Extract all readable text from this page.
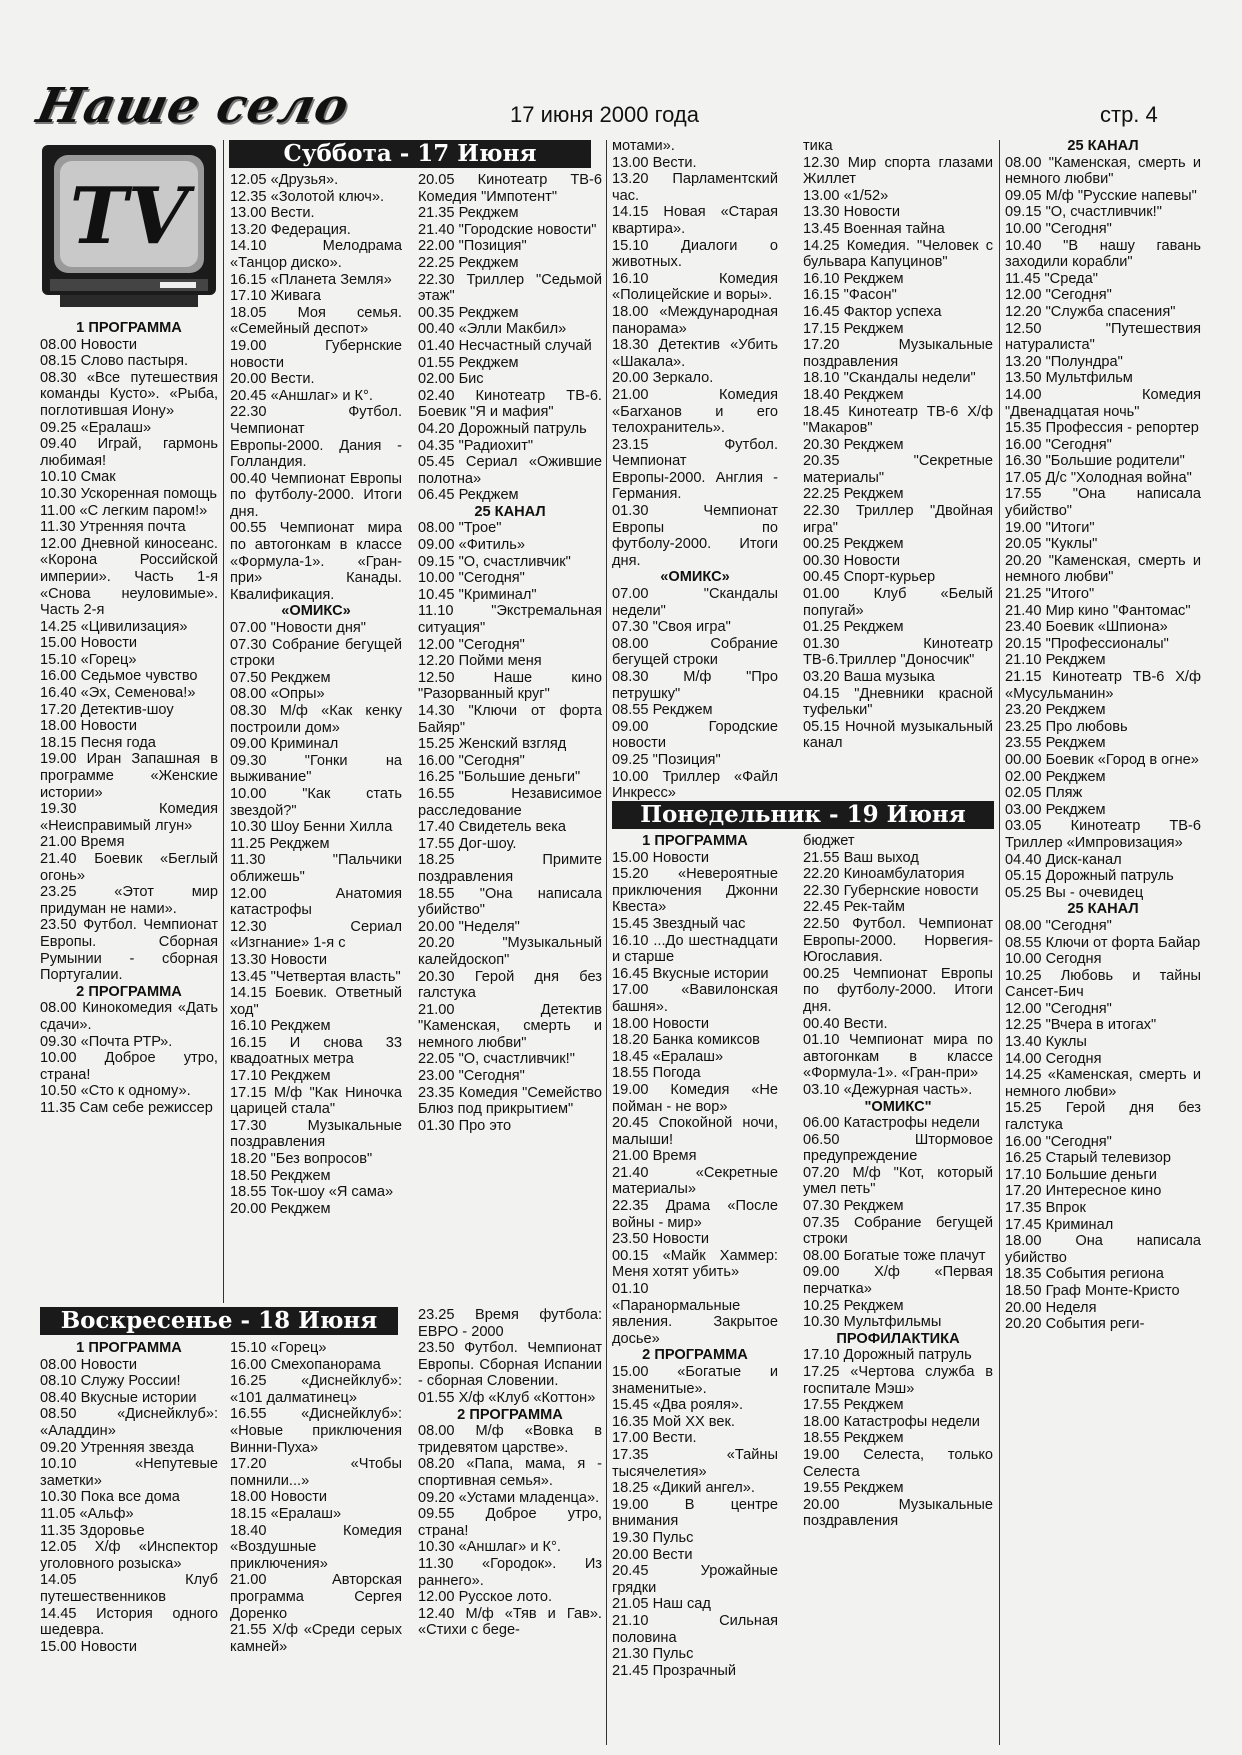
Наше село	17 июня 2000 года	стр. 4
TV
Суббота - 17 Июня
Воскресенье - 18 Июня
Понедельник - 19 Июня
1 ПРОГРАММА
08.00 Новости
08.15 Слово пастыря.
08.30 «Все путешествия команды Кусто». «Рыба, поглотившая Иону»
09.25 «Ералаш»
09.40 Играй, гармонь любимая!
10.10 Смак
10.30 Ускоренная помощь
11.00 «С легким паром!»
11.30 Утренняя почта
12.00 Дневной киносеанс. «Корона Российской империи». Часть 1-я «Снова неуловимые». Часть 2-я
14.25 «Цивилизация»
15.00 Новости
15.10 «Горец»
16.00 Седьмое чувство
16.40 «Эх, Семенова!»
17.20 Детектив-шоу
18.00 Новости
18.15 Песня года
19.00 Иран Запашная в программе «Женские истории»
19.30 Комедия «Неисправимый лгун»
21.00 Время
21.40 Боевик «Беглый огонь»
23.25 «Этот мир придуман не нами».
23.50 Футбол. Чемпионат Европы. Сборная Румынии - сборная Португалии.
2 ПРОГРАММА
08.00 Кинокомедия «Дать сдачи».
09.30 «Почта РТР».
10.00 Доброе утро, страна!
10.50 «Сто к одному».
11.35 Сам себе режиссер
12.05 «Друзья».
12.35 «Золотой ключ».
13.00 Вести.
13.20 Федерация.
14.10 Мелодрама «Танцор диско».
16.15 «Планета Земля»
17.10 Живага
18.05 Моя семья. «Семейный деспот»
19.00 Губернские новости
20.00 Вести.
20.45 «Аншлаг» и К°.
22.30 Футбол. Чемпионат Европы-2000. Дания - Голландия.
00.40 Чемпионат Европы по футболу-2000. Итоги дня.
00.55 Чемпионат мира по автогонкам в классе «Формула-1». «Гран-при» Канады. Квалификация.
«ОМИКС»
07.00 "Новости дня"
07.30 Собрание бегущей строки
07.50 Рекджем
08.00 «Опры»
08.30 М/ф «Как кенку построили дом»
09.00 Криминал
09.30 "Гонки на выживание"
10.00 "Как стать звездой?"
10.30 Шоу Бенни Хилла
11.25 Рекджем
11.30 "Пальчики оближешь"
12.00 Анатомия катастрофы
12.30 Сериал «Изгнание» 1-я с
13.30 Новости
13.45 "Четвертая власть"
14.15 Боевик. Ответный ход"
16.10 Рекджем
16.15 И снова 33 квадоатных метра
17.10 Рекджем
17.15 М/ф "Как Ниночка царицей стала"
17.30 Музыкальные поздравления
18.20 "Без вопросов"
18.50 Рекджем
18.55 Ток-шоу «Я сама»
20.00 Рекджем
20.05 Кинотеатр ТВ-6 Комедия "Импотент"
21.35 Рекджем
21.40 "Городские новости"
22.00 "Позиция"
22.25 Рекджем
22.30 Триллер "Седьмой этаж"
00.35 Рекджем
00.40 «Элли Макбил»
01.40 Несчастный случай
01.55 Рекджем
02.00 Бис
02.40 Кинотеатр ТВ-6. Боевик "Я и мафия"
04.20 Дорожный патруль
04.35 "Радиохит"
05.45 Сериал «Ожившие полотна»
06.45 Рекджем
25 КАНАЛ
08.00 "Трое"
09.00 «Фитиль»
09.15 "О, счастливчик"
10.00 "Сегодня"
10.45 "Криминал"
11.10 "Экстремальная ситуация"
12.00 "Сегодня"
12.20 Пойми меня
12.50 Наше кино "Разорванный круг"
14.30 "Ключи от форта Байяр"
15.25 Женский взгляд
16.00 "Сегодня"
16.25 "Большие деньги"
16.55 Независимое расследование
17.40 Свидетель века
17.55 Дог-шоу.
18.25 Примите поздравления
18.55 "Она написала убийство"
20.00 "Неделя"
20.20 "Музыкальный калейдоскоп"
20.30 Герой дня без галстука
21.00 Детектив "Каменская, смерть и немного любви"
22.05 "О, счастливчик!"
23.00 "Сегодня"
23.35 Комедия "Семейство Блюз под прикрытием"
01.30 Про это
мотами».
13.00 Вести.
13.20 Парламентский час.
14.15 Новая «Старая квартира».
15.10 Диалоги о животных.
16.10 Комедия «Полицейские и воры».
18.00 «Международная панорама»
18.30 Детектив «Убить «Шакала».
20.00 Зеркало.
21.00 Комедия «Бarханов и его телохранитель».
23.15 Футбол. Чемпионат Европы-2000. Англия - Германия.
01.30 Чемпионат Европы по футболу-2000. Итоги дня.
«ОМИКС»
07.00 "Скандалы недели"
07.30 "Своя игра"
08.00 Собрание бегущей строки
08.30 М/ф "Про петрушку"
08.55 Рекджем
09.00 Городские новости
09.25 "Позиция"
10.00 Триллер «Файл Инкресс»
тика
12.30 Мир спорта глазами Жиллет
13.00 «1/52»
13.30 Новости
13.45 Военная тайна
14.25 Комедия. "Человек с бульвара Капуцинов"
16.10 Рекджем
16.15 "Фасон"
16.45 Фактор успеха
17.15 Рекджем
17.20 Музыкальные поздравления
18.10 "Скандалы недели"
18.40 Рекджем
18.45 Кинотеатр ТВ-6 Х/ф "Макаров"
20.30 Рекджем
20.35 "Секретные материалы"
22.25 Рекджем
22.30 Триллер "Двойная игра"
00.25 Рекджем
00.30 Новости
00.45 Спорт-курьер
01.00 Клуб «Белый попугай»
01.25 Рекджем
01.30 Кинотеатр ТВ-6.Триллер "Доносчик"
03.20 Ваша музыка
04.15 "Дневники красной туфельки"
05.15 Ночной музыкальный канал
25 КАНАЛ
08.00 "Каменская, смерть и немного любви"
09.05 М/ф "Русские напевы"
09.15 "О, счастливчик!"
10.00 "Сегодня"
10.40 "В нашу гавань заходили корабли"
11.45 "Среда"
12.00 "Сегодня"
12.20 "Служба спасения"
12.50 "Путешествия натуралиста"
13.20 "Полундра"
13.50 Мультфильм
14.00 Комедия "Двенадцатая ночь"
15.35 Профессия - репортер
16.00 "Сегодня"
16.30 "Большие родители"
17.05 Д/с "Холодная война"
17.55 "Она написала убийство"
19.00 "Итоги"
20.05 "Куклы"
20.20 "Каменская, смерть и немного любви"
21.25 "Итого"
21.40 Мир кино "Фантомас"
23.40 Боевик «Шпиона»
20.15 "Профессионалы"
21.10 Рекджем
21.15 Кинотеатр ТВ-6 Х/ф «Мусульманин»
23.20 Рекджем
23.25 Про любовь
23.55 Рекджем
00.00 Боевик «Город в огне»
02.00 Рекджем
02.05 Пляж
03.00 Рекджем
03.05 Кинотеатр ТВ-6 Триллер «Импровизация»
04.40 Диск-канал
05.15 Дорожный патруль
05.25 Вы - очевидец
25 КАНАЛ
08.00 "Сегодня"
08.55 Ключи от форта Байар
10.00 Сегодня
10.25 Любовь и тайны Сансет-Бич
12.00 "Сегодня"
12.25 "Вчера в итогах"
13.40 Куклы
14.00 Сегодня
14.25 «Каменская, смерть и немного любви»
15.25 Герой дня без галстука
16.00 "Сегодня"
16.25 Старый телевизор
17.10 Большие деньги
17.20 Интересное кино
17.35 Впрок
17.45 Криминал
18.00 Она написала убийство
18.35 События региона
18.50 Граф Монте-Кристо
20.00 Неделя
20.20 События реги-
1 ПРОГРАММА
08.00 Новости
08.10 Служу России!
08.40 Вкусные истории
08.50 «Диснейклуб»: «Аладдин»
09.20 Утренняя звезда
10.10 «Непутевые заметки»
10.30 Пока все дома
11.05 «Альф»
11.35 Здоровье
12.05 Х/ф «Инспектор уголовного розыска»
14.05 Клуб путешественников
14.45 История одного шедевра.
15.00 Новости
15.10 «Горец»
16.00 Смехопанорама
16.25 «Диснейклуб»: «101 далматинец»
16.55 «Диснейклуб»: «Новые приключения Винни-Пуха»
17.20 «Чтобы помнили...»
18.00 Новости
18.15 «Ералаш»
18.40 Комедия «Воздушные приключения»
21.00 Авторская программа Сергея Доренко
21.55 Х/ф «Среди серых камней»
23.25 Время футбола: ЕВРО - 2000
23.50 Футбол. Чемпионат Европы. Сборная Испании - сборная Словении.
01.55 Х/ф «Клуб «Коттон»
2 ПРОГРАММА
08.00 М/ф «Вовка в тридевятом царстве».
08.20 «Папа, мама, я - спортивная семья».
09.20 «Устами младенца».
09.55 Доброе утро, страна!
10.30 «Аншлаг» и К°.
11.30 «Городок». Из раннего».
12.00 Русское лото.
12.40 М/ф «Тяв и Гав». «Стихи с бege-
1 ПРОГРАММА
15.00 Новости
15.20 «Невероятные приключения Джонни Квеста»
15.45 Звездный час
16.10 ...До шестнадцати и старше
16.45 Вкусные истории
17.00 «Вавилонская башня».
18.00 Новости
18.20 Банка комиксов
18.45 «Ералаш»
18.55 Погода
19.00 Комедия «Не пойман - не вор»
20.45 Спокойной ночи, малыши!
21.00 Время
21.40 «Секретные материалы»
22.35 Драма «После войны - мир»
23.50 Новости
00.15 «Майк Хаммер: Меня хотят убить»
01.10 «Паранормальные явления. Закрытое досье»
2 ПРОГРАММА
15.00 «Богатые и знаменитые».
15.45 «Два рояля».
16.35 Мой XX век.
17.00 Вести.
17.35 «Тайны тысячелетия»
18.25 «Дикий ангел».
19.00 В центре внимания
19.30 Пульс
20.00 Вести
20.45 Урожайные грядки
21.05 Наш сад
21.10 Сильная половина
21.30 Пульс
21.45 Прозрачный
бюджет
21.55 Ваш выход
22.20 Киноамбулатория
22.30 Губернские новости
22.45 Рек-тайм
22.50 Футбол. Чемпионат Европы-2000. Норвегия-Югославия.
00.25 Чемпионат Европы по футболу-2000. Итоги дня.
00.40 Вести.
01.10 Чемпионат мира по автогонкам в классе «Формула-1». «Гран-при»
03.10 «Дежурная часть».
"ОМИКС"
06.00 Катастрофы недели
06.50 Штормовое предупреждение
07.20 М/ф "Кот, который умел петь"
07.30 Рекджем
07.35 Собрание бегущей строки
08.00 Богатые тоже плачут
09.00 Х/ф «Первая перчатка»
10.25 Рекджем
10.30 Мультфильмы
ПРОФИЛАКТИКА
17.10 Дорожный патруль
17.25 «Чертова служба в госпитале Мэш»
17.55 Рекджем
18.00 Катастрофы недели
18.55 Рекджем
19.00 Селеста, только Селеста
19.55 Рекджем
20.00 Музыкальные поздравления
